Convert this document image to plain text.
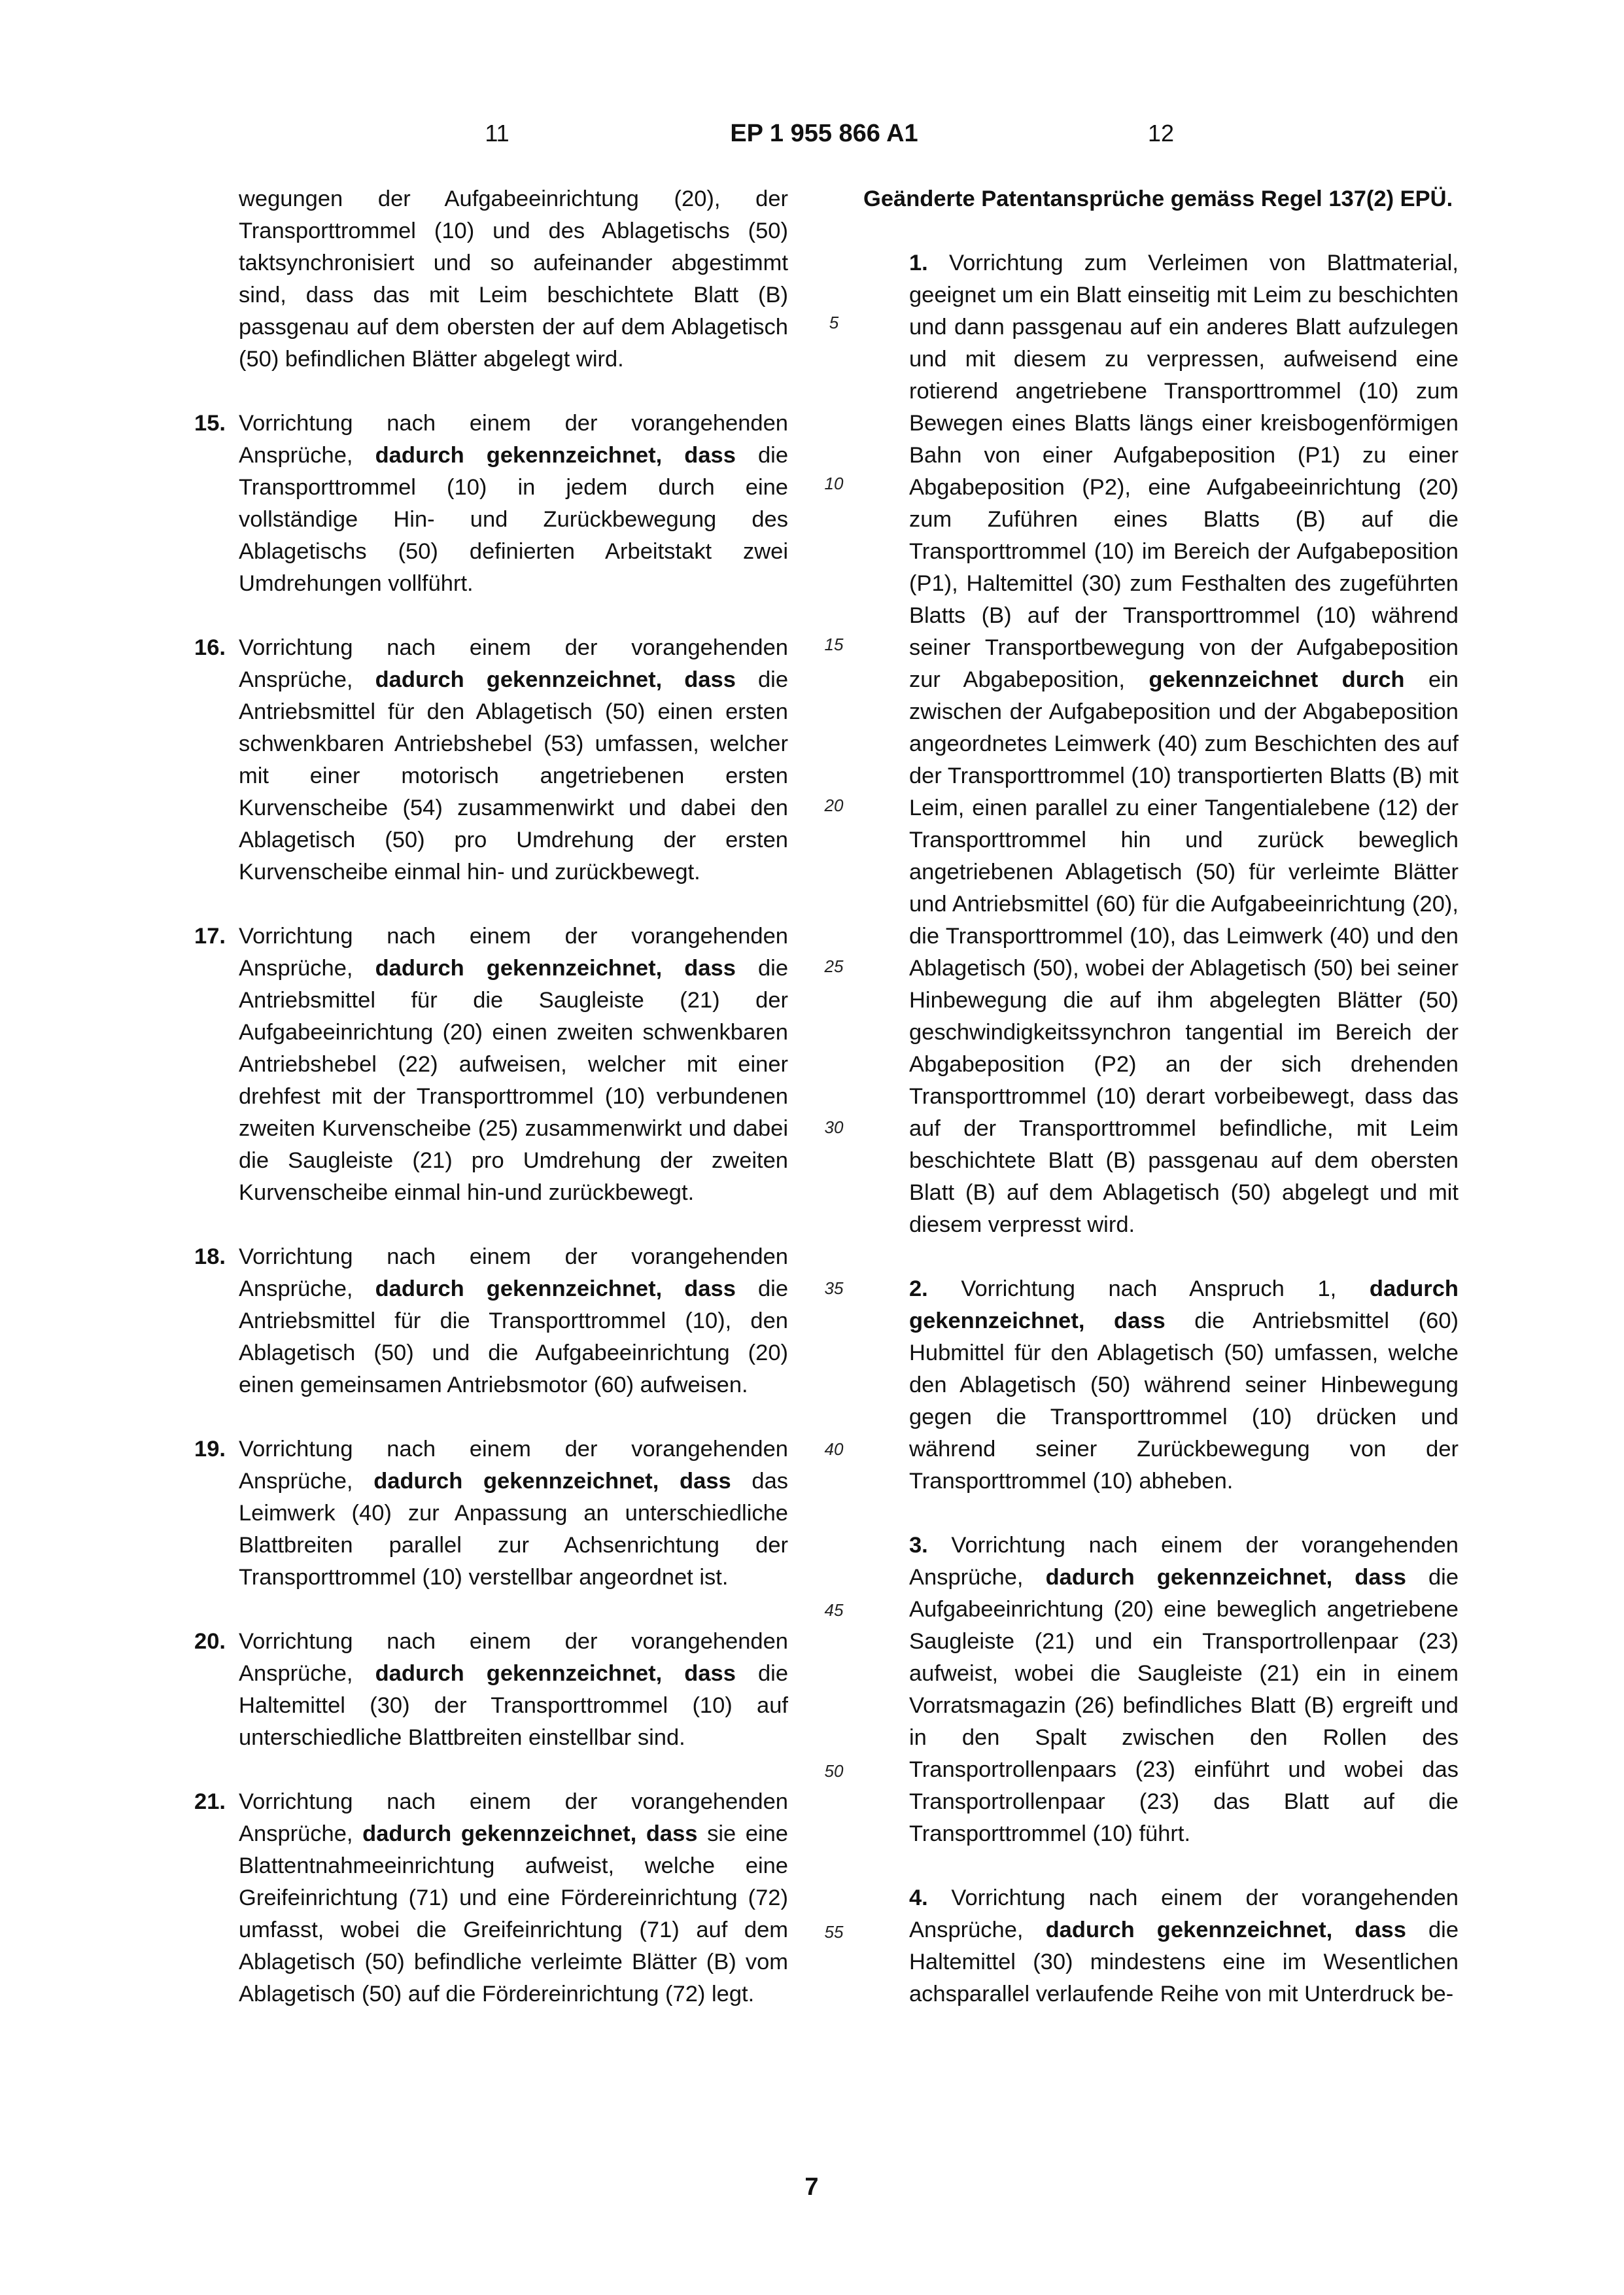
11	EP 1 955 866 A1	12

wegungen der Aufgabeeinrichtung (20), der Transporttrommel (10) und des Ablagetischs (50) taktsynchronisiert und so aufeinander abgestimmt sind, dass das mit Leim beschichtete Blatt (B) passgenau auf dem obersten der auf dem Ablagetisch (50) befindlichen Blätter abgelegt wird.

15. Vorrichtung nach einem der vorangehenden Ansprüche, dadurch gekennzeichnet, dass die Transporttrommel (10) in jedem durch eine vollständige Hin- und Zurückbewegung des Ablagetischs (50) definierten Arbeitstakt zwei Umdrehungen vollführt.

16. Vorrichtung nach einem der vorangehenden Ansprüche, dadurch gekennzeichnet, dass die Antriebsmittel für den Ablagetisch (50) einen ersten schwenkbaren Antriebshebel (53) umfassen, welcher mit einer motorisch angetriebenen ersten Kurvenscheibe (54) zusammenwirkt und dabei den Ablagetisch (50) pro Umdrehung der ersten Kurvenscheibe einmal hin- und zurückbewegt.

17. Vorrichtung nach einem der vorangehenden Ansprüche, dadurch gekennzeichnet, dass die Antriebsmittel für die Saugleiste (21) der Aufgabeeinrichtung (20) einen zweiten schwenkbaren Antriebshebel (22) aufweisen, welcher mit einer drehfest mit der Transporttrommel (10) verbundenen zweiten Kurvenscheibe (25) zusammenwirkt und dabei die Saugleiste (21) pro Umdrehung der zweiten Kurvenscheibe einmal hin-und zurückbewegt.

18. Vorrichtung nach einem der vorangehenden Ansprüche, dadurch gekennzeichnet, dass die Antriebsmittel für die Transporttrommel (10), den Ablagetisch (50) und die Aufgabeeinrichtung (20) einen gemeinsamen Antriebsmotor (60) aufweisen.

19. Vorrichtung nach einem der vorangehenden Ansprüche, dadurch gekennzeichnet, dass das Leimwerk (40) zur Anpassung an unterschiedliche Blattbreiten parallel zur Achsenrichtung der Transporttrommel (10) verstellbar angeordnet ist.

20. Vorrichtung nach einem der vorangehenden Ansprüche, dadurch gekennzeichnet, dass die Haltemittel (30) der Transporttrommel (10) auf unterschiedliche Blattbreiten einstellbar sind.

21. Vorrichtung nach einem der vorangehenden Ansprüche, dadurch gekennzeichnet, dass sie eine Blattentnahmeeinrichtung aufweist, welche eine Greifeinrichtung (71) und eine Fördereinrichtung (72) umfasst, wobei die Greifeinrichtung (71) auf dem Ablagetisch (50) befindliche verleimte Blätter (B) vom Ablagetisch (50) auf die Fördereinrichtung (72) legt.

5
10
15
20
25
30
35
40
45
50
55

Geänderte Patentansprüche gemäss Regel 137(2) EPÜ.

1. Vorrichtung zum Verleimen von Blattmaterial, geeignet um ein Blatt einseitig mit Leim zu beschichten und dann passgenau auf ein anderes Blatt aufzulegen und mit diesem zu verpressen, aufweisend eine rotierend angetriebene Transporttrommel (10) zum Bewegen eines Blatts längs einer kreisbogenförmigen Bahn von einer Aufgabeposition (P1) zu einer Abgabeposition (P2), eine Aufgabeeinrichtung (20) zum Zuführen eines Blatts (B) auf die Transporttrommel (10) im Bereich der Aufgabeposition (P1), Haltemittel (30) zum Festhalten des zugeführten Blatts (B) auf der Transporttrommel (10) während seiner Transportbewegung von der Aufgabeposition zur Abgabeposition, gekennzeichnet durch ein zwischen der Aufgabeposition und der Abgabeposition angeordnetes Leimwerk (40) zum Beschichten des auf der Transporttrommel (10) transportierten Blatts (B) mit Leim, einen parallel zu einer Tangentialebene (12) der Transporttrommel hin und zurück beweglich angetriebenen Ablagetisch (50) für verleimte Blätter und Antriebsmittel (60) für die Aufgabeeinrichtung (20), die Transporttrommel (10), das Leimwerk (40) und den Ablagetisch (50), wobei der Ablagetisch (50) bei seiner Hinbewegung die auf ihm abgelegten Blätter (50) geschwindigkeitssynchron tangential im Bereich der Abgabeposition (P2) an der sich drehenden Transporttrommel (10) derart vorbeibewegt, dass das auf der Transporttrommel befindliche, mit Leim beschichtete Blatt (B) passgenau auf dem obersten Blatt (B) auf dem Ablagetisch (50) abgelegt und mit diesem verpresst wird.

2. Vorrichtung nach Anspruch 1, dadurch gekennzeichnet, dass die Antriebsmittel (60) Hubmittel für den Ablagetisch (50) umfassen, welche den Ablagetisch (50) während seiner Hinbewegung gegen die Transporttrommel (10) drücken und während seiner Zurückbewegung von der Transporttrommel (10) abheben.

3. Vorrichtung nach einem der vorangehenden Ansprüche, dadurch gekennzeichnet, dass die Aufgabeeinrichtung (20) eine beweglich angetriebene Saugleiste (21) und ein Transportrollenpaar (23) aufweist, wobei die Saugleiste (21) ein in einem Vorratsmagazin (26) befindliches Blatt (B) ergreift und in den Spalt zwischen den Rollen des Transportrollenpaars (23) einführt und wobei das Transportrollenpaar (23) das Blatt auf die Transporttrommel (10) führt.

4. Vorrichtung nach einem der vorangehenden Ansprüche, dadurch gekennzeichnet, dass die Haltemittel (30) mindestens eine im Wesentlichen achsparallel verlaufende Reihe von mit Unterdruck be-

7
